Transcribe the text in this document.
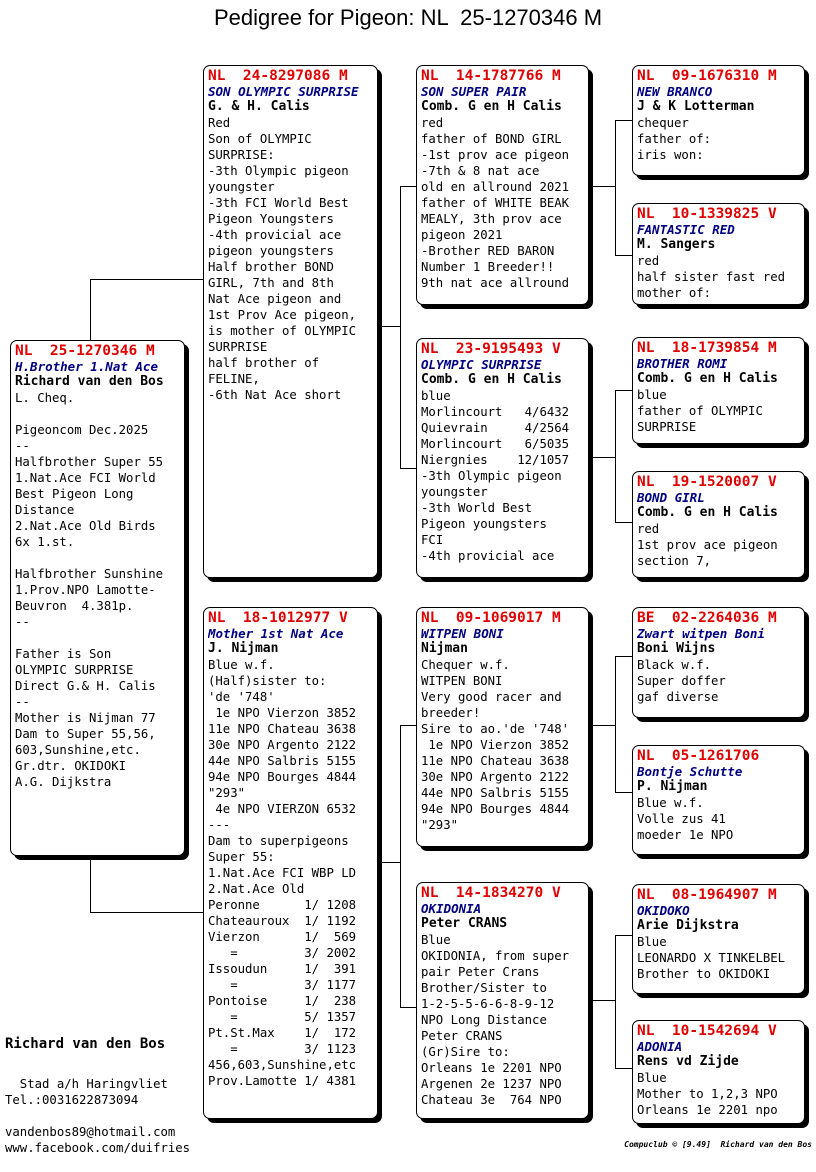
Pedigree for Pigeon: NL  25-1270346 M
NL  25-1270346 M
H.Brother 1.Nat Ace
Richard van den Bos
L. Cheq.

Pigeoncom Dec.2025
--
Halfbrother Super 55
1.Nat.Ace FCI World
Best Pigeon Long
Distance
2.Nat.Ace Old Birds
6x 1.st.

Halfbrother Sunshine
1.Prov.NPO Lamotte-
Beuvron  4.381p.
--

Father is Son
OLYMPIC SURPRISE
Direct G.& H. Calis
--
Mother is Nijman 77
Dam to Super 55,56,
603,Sunshine,etc.
Gr.dtr. OKIDOKI
A.G. Dijkstra
NL  24-8297086 M
SON OLYMPIC SURPRISE
G. & H. Calis
Red
Son of OLYMPIC
SURPRISE:
-3th Olympic pigeon
youngster
-3th FCI World Best
Pigeon Youngsters
-4th provicial ace
pigeon youngsters
Half brother BOND
GIRL, 7th and 8th
Nat Ace pigeon and
1st Prov Ace pigeon,
is mother of OLYMPIC
SURPRISE
half brother of
FELINE,
-6th Nat Ace short
NL  18-1012977 V
Mother 1st Nat Ace
J. Nijman
Blue w.f.
(Half)sister to:
'de '748'
1e NPO Vierzon 3852
11e NPO Chateau 3638
30e NPO Argento 2122
44e NPO Salbris 5155
94e NPO Bourges 4844
"293"
4e NPO VIERZON 6532
---
Dam to superpigeons
Super 55:
1.Nat.Ace FCI WBP LD
2.Nat.Ace Old
Peronne      1/ 1208
Chateauroux  1/ 1192
Vierzon      1/  569
=         3/ 2002
Issoudun     1/  391
=         3/ 1177
Pontoise     1/  238
=         5/ 1357
Pt.St.Max    1/  172
=         3/ 1123
456,603,Sunshine,etc
Prov.Lamotte 1/ 4381
NL  14-1787766 M
SON SUPER PAIR
Comb. G en H Calis
red
father of BOND GIRL
-1st prov ace pigeon
-7th & 8 nat ace
old en allround 2021
father of WHITE BEAK
MEALY, 3th prov ace
pigeon 2021
-Brother RED BARON
Number 1 Breeder!!
9th nat ace allround
NL  23-9195493 V
OLYMPIC SURPRISE
Comb. G en H Calis
blue
Morlincourt   4/6432
Quievrain     4/2564
Morlincourt   6/5035
Niergnies    12/1057
-3th Olympic pigeon
youngster
-3th World Best
Pigeon youngsters
FCI
-4th provicial ace
NL  09-1069017 M
WITPEN BONI
Nijman
Chequer w.f.
WITPEN BONI
Very good racer and
breeder!
Sire to ao.'de '748'
1e NPO Vierzon 3852
11e NPO Chateau 3638
30e NPO Argento 2122
44e NPO Salbris 5155
94e NPO Bourges 4844
"293"
NL  14-1834270 V
OKIDONIA
Peter CRANS
Blue
OKIDONIA, from super
pair Peter Crans
Brother/Sister to
1-2-5-5-6-6-8-9-12
NPO Long Distance
Peter CRANS
(Gr)Sire to:
Orleans 1e 2201 NPO
Argenen 2e 1237 NPO
Chateau 3e  764 NPO
NL  09-1676310 M
NEW BRANCO
J & K Lotterman
chequer
father of:
iris won:
NL  10-1339825 V
FANTASTIC RED
M. Sangers
red
half sister fast red
mother of:
NL  18-1739854 M
BROTHER ROMI
Comb. G en H Calis
blue
father of OLYMPIC
SURPRISE
NL  19-1520007 V
BOND GIRL
Comb. G en H Calis
red
1st prov ace pigeon
section 7,
BE  02-2264036 M
Zwart witpen Boni
Boni Wijns
Black w.f.
Super doffer
gaf diverse
NL  05-1261706
Bontje Schutte
P. Nijman
Blue w.f.
Volle zus 41
moeder 1e NPO
NL  08-1964907 M
OKIDOKO
Arie Dijkstra
Blue
LEONARDO X TINKELBEL
Brother to OKIDOKI
NL  10-1542694 V
ADONIA
Rens vd Zijde
Blue
Mother to 1,2,3 NPO
Orleans 1e 2201 npo
Richard van den Bos
Stad a/h Haringvliet
Tel.:0031622873094
vandenbos89@hotmail.com
www.facebook.com/duifries	Compuclub © [9.49]  Richard van den Bos
